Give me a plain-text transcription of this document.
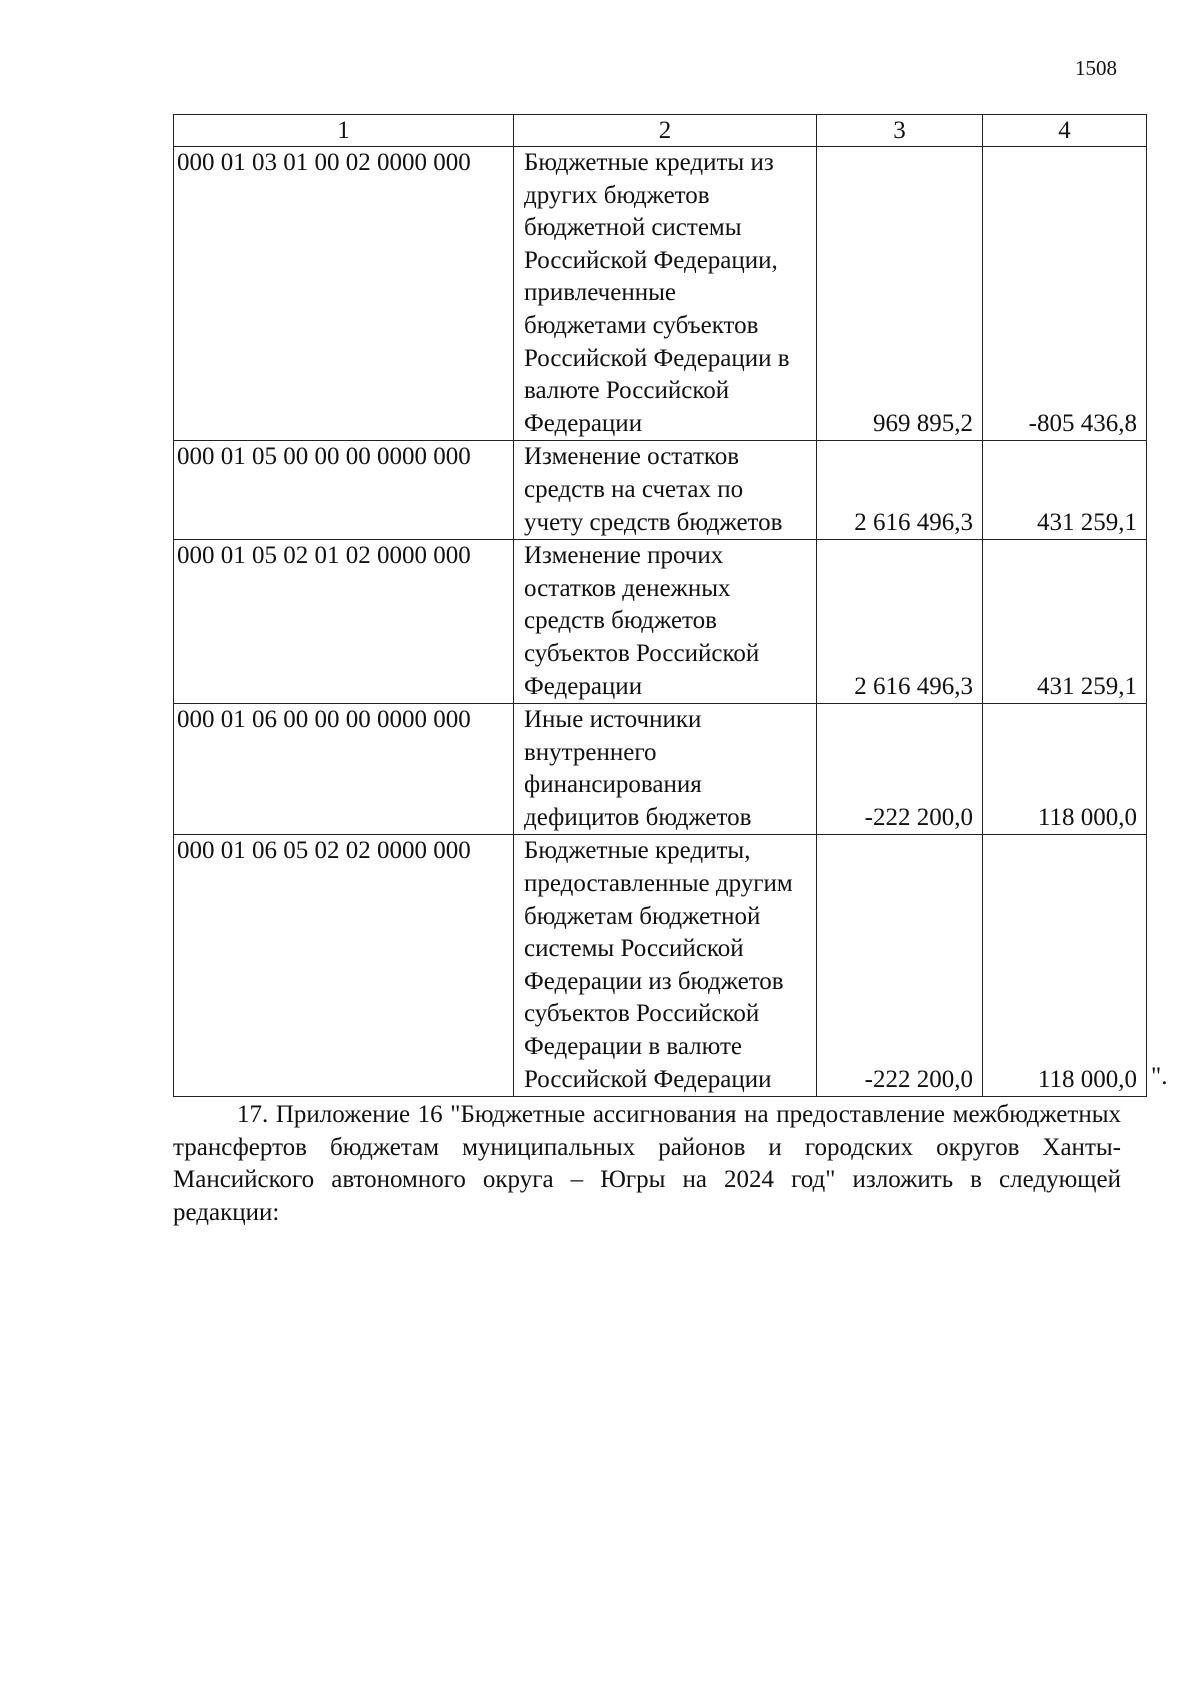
1508
1	2	3	4
000 01 03 01 00 02 0000 000	Бюджетные кредиты из других бюджетов бюджетной системы Российской Федерации, привлеченные бюджетами субъектов Российской Федерации в валюте Российской Федерации	969 895,2	-805 436,8
000 01 05 00 00 00 0000 000	Изменение остатков средств на счетах по учету средств бюджетов	2 616 496,3	431 259,1
000 01 05 02 01 02 0000 000	Изменение прочих остатков денежных средств бюджетов субъектов Российской Федерации	2 616 496,3	431 259,1
000 01 06 00 00 00 0000 000	Иные источники внутреннего финансирования дефицитов бюджетов	-222 200,0	118 000,0
000 01 06 05 02 02 0000 000	Бюджетные кредиты, предоставленные другим бюджетам бюджетной системы Российской Федерации из бюджетов субъектов Российской Федерации в валюте Российской Федерации	-222 200,0	118 000,0 ".

17. Приложение 16 "Бюджетные ассигнования на предоставление межбюджетных трансфертов бюджетам муниципальных районов и городских округов Ханты-Мансийского автономного округа – Югры на 2024 год" изложить в следующей редакции:
